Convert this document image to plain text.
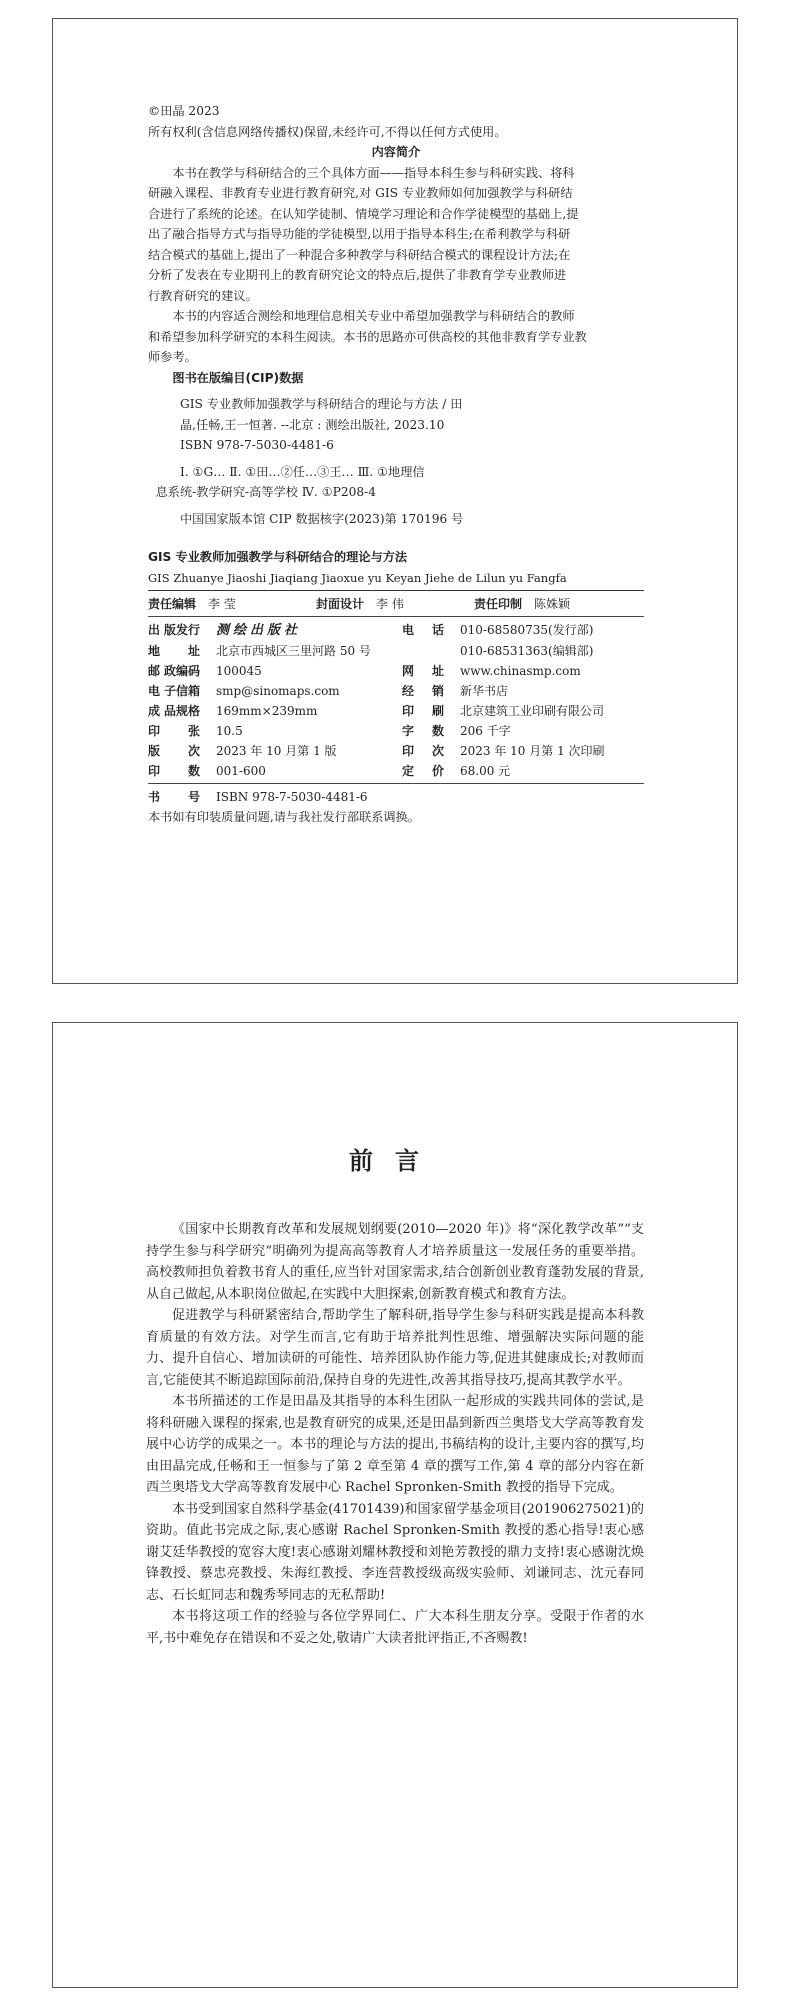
©田晶 2023
所有权利(含信息网络传播权)保留,未经许可,不得以任何方式使用。
内容简介
本书在教学与科研结合的三个具体方面——指导本科生参与科研实践、将科
研融入课程、非教育专业进行教育研究,对 GIS 专业教师如何加强教学与科研结
合进行了系统的论述。在认知学徒制、情境学习理论和合作学徒模型的基础上,提
出了融合指导方式与指导功能的学徒模型,以用于指导本科生;在希利教学与科研
结合模式的基础上,提出了一种混合多种教学与科研结合模式的课程设计方法;在
分析了发表在专业期刊上的教育研究论文的特点后,提供了非教育学专业教师进
行教育研究的建议。
本书的内容适合测绘和地理信息相关专业中希望加强教学与科研结合的教师
和希望参加科学研究的本科生阅读。本书的思路亦可供高校的其他非教育学专业教
师参考。
图书在版编目(CIP)数据
GIS 专业教师加强教学与科研结合的理论与方法 / 田
晶,任畅,王一恒著. --北京 : 测绘出版社, 2023.10
ISBN 978-7-5030-4481-6
Ⅰ. ①G… Ⅱ. ①田…②任…③王… Ⅲ. ①地理信
息系统-教学研究-高等学校 Ⅳ. ①P208-4
中国国家版本馆 CIP 数据核字(2023)第 170196 号
GIS 专业教师加强教学与科研结合的理论与方法
GIS Zhuanye Jiaoshi Jiaqiang Jiaoxue yu Keyan Jiehe de Lilun yu Fangfa
责任编辑	李 莹	封面设计	李 伟	责任印制	陈姝颖
出 版发行	测绘出版社	电 话	010-68580735(发行部)

地 址	北京市西城区三里河路 50 号		010-68531363(编辑部)

邮 政编码	100045	网 址	www.chinasmp.com

电 子信箱	smp@sinomaps.com	经 销	新华书店

成 品规格	169mm×239mm	印 刷	北京建筑工业印刷有限公司

印 张	10.5	字 数	206 千字

版 次	2023 年 10 月第 1 版	印 次	2023 年 10 月第 1 次印刷

印 数	001-600	定 价	68.00 元
书 号	ISBN 978-7-5030-4481-6
本书如有印装质量问题,请与我社发行部联系调换。
前言

《国家中长期教育改革和发展规划纲要(2010—2020 年)》将“深化教学改革”“支持学生参与科学研究”明确列为提高高等教育人才培养质量这一发展任务的重要举措。高校教师担负着教书育人的重任,应当针对国家需求,结合创新创业教育蓬勃发展的背景,从自己做起,从本职岗位做起,在实践中大胆探索,创新教育模式和教育方法。

促进教学与科研紧密结合,帮助学生了解科研,指导学生参与科研实践是提高本科教育质量的有效方法。对学生而言,它有助于培养批判性思维、增强解决实际问题的能力、提升自信心、增加读研的可能性、培养团队协作能力等,促进其健康成长;对教师而言,它能使其不断追踪国际前沿,保持自身的先进性,改善其指导技巧,提高其教学水平。

本书所描述的工作是田晶及其指导的本科生团队一起形成的实践共同体的尝试,是将科研融入课程的探索,也是教育研究的成果,还是田晶到新西兰奥塔戈大学高等教育发展中心访学的成果之一。本书的理论与方法的提出,书稿结构的设计,主要内容的撰写,均由田晶完成,任畅和王一恒参与了第 2 章至第 4 章的撰写工作,第 4 章的部分内容在新西兰奥塔戈大学高等教育发展中心 Rachel Spronken-Smith 教授的指导下完成。

本书受到国家自然科学基金(41701439)和国家留学基金项目(201906275021)的资助。值此书完成之际,衷心感谢 Rachel Spronken-Smith 教授的悉心指导!衷心感谢艾廷华教授的宽容大度!衷心感谢刘耀林教授和刘艳芳教授的鼎力支持!衷心感谢沈焕锋教授、蔡忠亮教授、朱海红教授、李连营教授级高级实验师、刘谦同志、沈元春同志、石长虹同志和魏秀琴同志的无私帮助!

本书将这项工作的经验与各位学界同仁、广大本科生朋友分享。受限于作者的水平,书中难免存在错误和不妥之处,敬请广大读者批评指正,不吝赐教!
